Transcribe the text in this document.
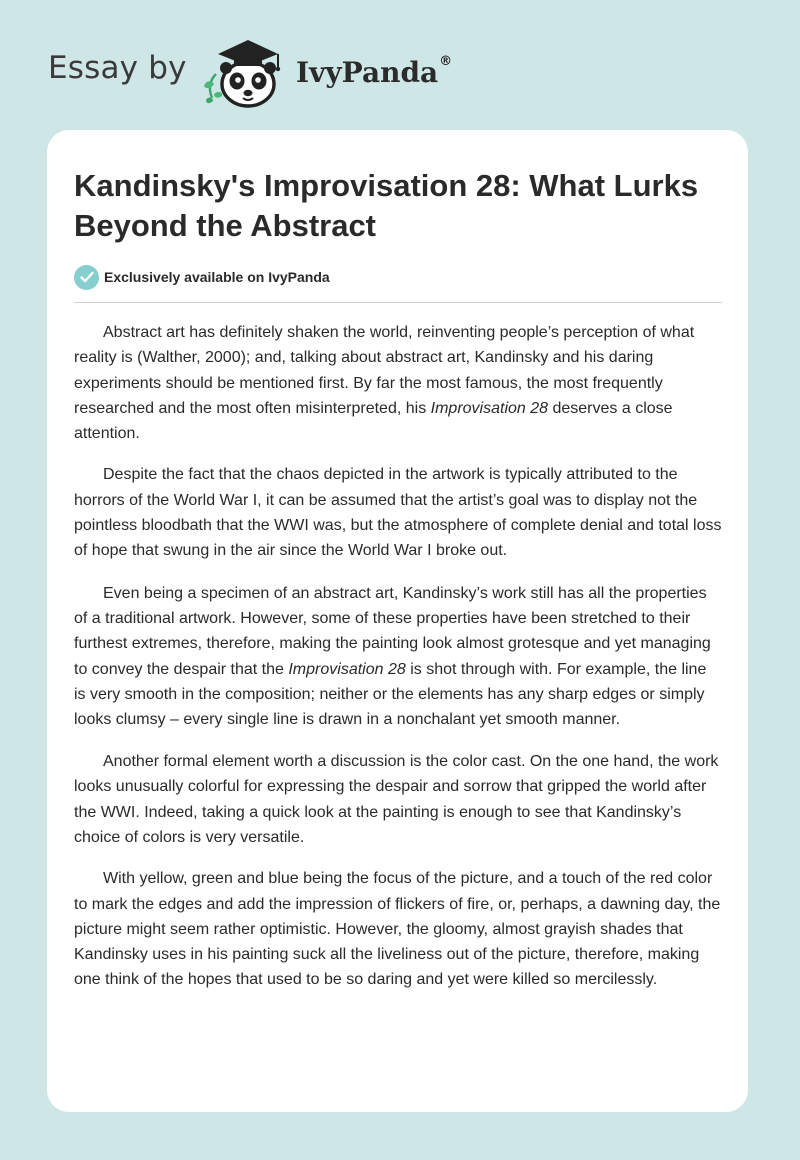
Essay by	IvyPanda®
Kandinsky's Improvisation 28: What Lurks Beyond the Abstract
Exclusively available on IvyPanda

Abstract art has definitely shaken the world, reinventing people’s perception of what reality is (Walther, 2000); and, talking about abstract art, Kandinsky and his daring experiments should be mentioned first. By far the most famous, the most frequently researched and the most often misinterpreted, his Improvisation 28 deserves a close attention.

Despite the fact that the chaos depicted in the artwork is typically attributed to the horrors of the World War I, it can be assumed that the artist’s goal was to display not the pointless bloodbath that the WWI was, but the atmosphere of complete denial and total loss of hope that swung in the air since the World War I broke out.

Even being a specimen of an abstract art, Kandinsky’s work still has all the properties of a traditional artwork. However, some of these properties have been stretched to their furthest extremes, therefore, making the painting look almost grotesque and yet managing to convey the despair that the Improvisation 28 is shot through with. For example, the line is very smooth in the composition; neither or the elements has any sharp edges or simply looks clumsy – every single line is drawn in a nonchalant yet smooth manner.

Another formal element worth a discussion is the color cast. On the one hand, the work looks unusually colorful for expressing the despair and sorrow that gripped the world after the WWI. Indeed, taking a quick look at the painting is enough to see that Kandinsky’s choice of colors is very versatile.

With yellow, green and blue being the focus of the picture, and a touch of the red color to mark the edges and add the impression of flickers of fire, or, perhaps, a dawning day, the picture might seem rather optimistic. However, the gloomy, almost grayish shades that Kandinsky uses in his painting suck all the liveliness out of the picture, therefore, making one think of the hopes that used to be so daring and yet were killed so mercilessly.
